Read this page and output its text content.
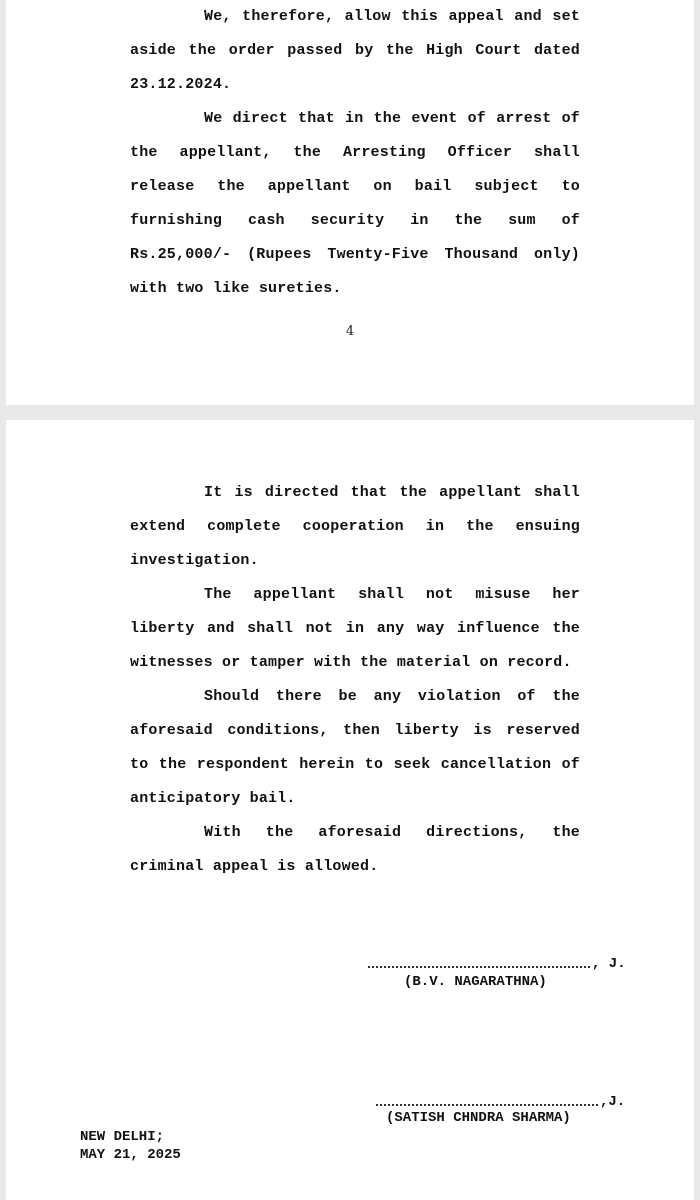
We, therefore, allow this appeal and set aside the order passed by the High Court dated 23.12.2024.

We direct that in the event of arrest of the appellant, the Arresting Officer shall release the appellant on bail subject to furnishing cash security in the sum of Rs.25,000/- (Rupees Twenty-Five Thousand only) with two like sureties.

4

It is directed that the appellant shall extend complete cooperation in the ensuing investigation.

The appellant shall not misuse her liberty and shall not in any way influence the witnesses or tamper with the material on record.

Should there be any violation of the aforesaid conditions, then liberty is reserved to the respondent herein to seek cancellation of anticipatory bail.

With the aforesaid directions, the criminal appeal is allowed.

, J.
(B.V. NAGARATHNA)
,J.
(SATISH CHNDRA SHARMA)

NEW DELHI;

MAY 21, 2025
